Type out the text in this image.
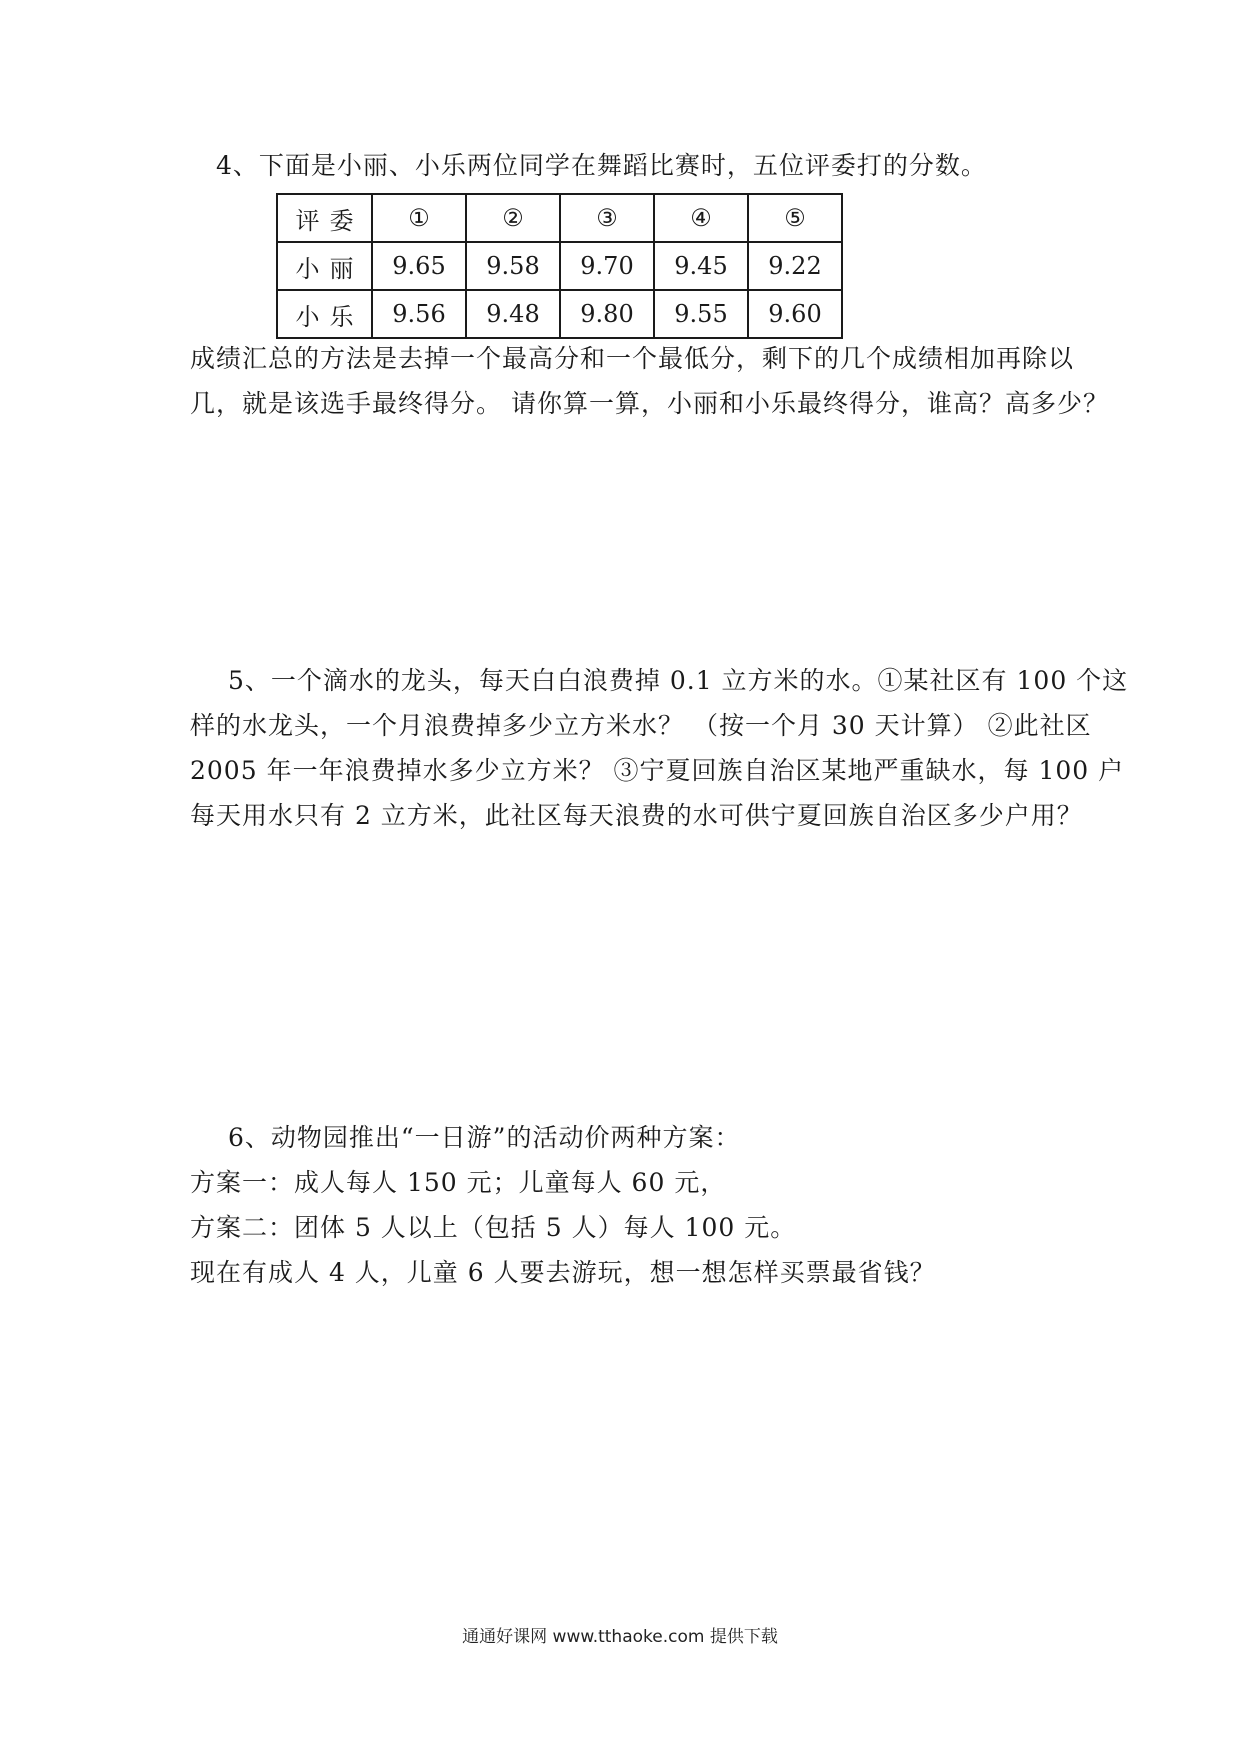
4、下面是小丽、小乐两位同学在舞蹈比赛时，五位评委打的分数。

评委	①	②	③	④	⑤
小丽	9.65	9.58	9.70	9.45	9.22
小乐	9.56	9.48	9.80	9.55	9.60

成绩汇总的方法是去掉一个最高分和一个最低分，剩下的几个成绩相加再除以
几，就是该选手最终得分。 请你算一算，小丽和小乐最终得分，谁高？高多少？

5、一个滴水的龙头，每天白白浪费掉 0.1 立方米的水。①某社区有 100 个这
样的水龙头，一个月浪费掉多少立方米水？ （按一个月 30 天计算） ②此社区
2005 年一年浪费掉水多少立方米？ ③宁夏回族自治区某地严重缺水，每 100 户
每天用水只有 2 立方米，此社区每天浪费的水可供宁夏回族自治区多少户用？

6、动物园推出“一日游”的活动价两种方案：
方案一：成人每人 150 元；儿童每人 60 元，
方案二：团体 5 人以上（包括 5 人）每人 100 元。
现在有成人 4 人，儿童 6 人要去游玩，想一想怎样买票最省钱？

通通好课网 www.tthaoke.com 提供下载
